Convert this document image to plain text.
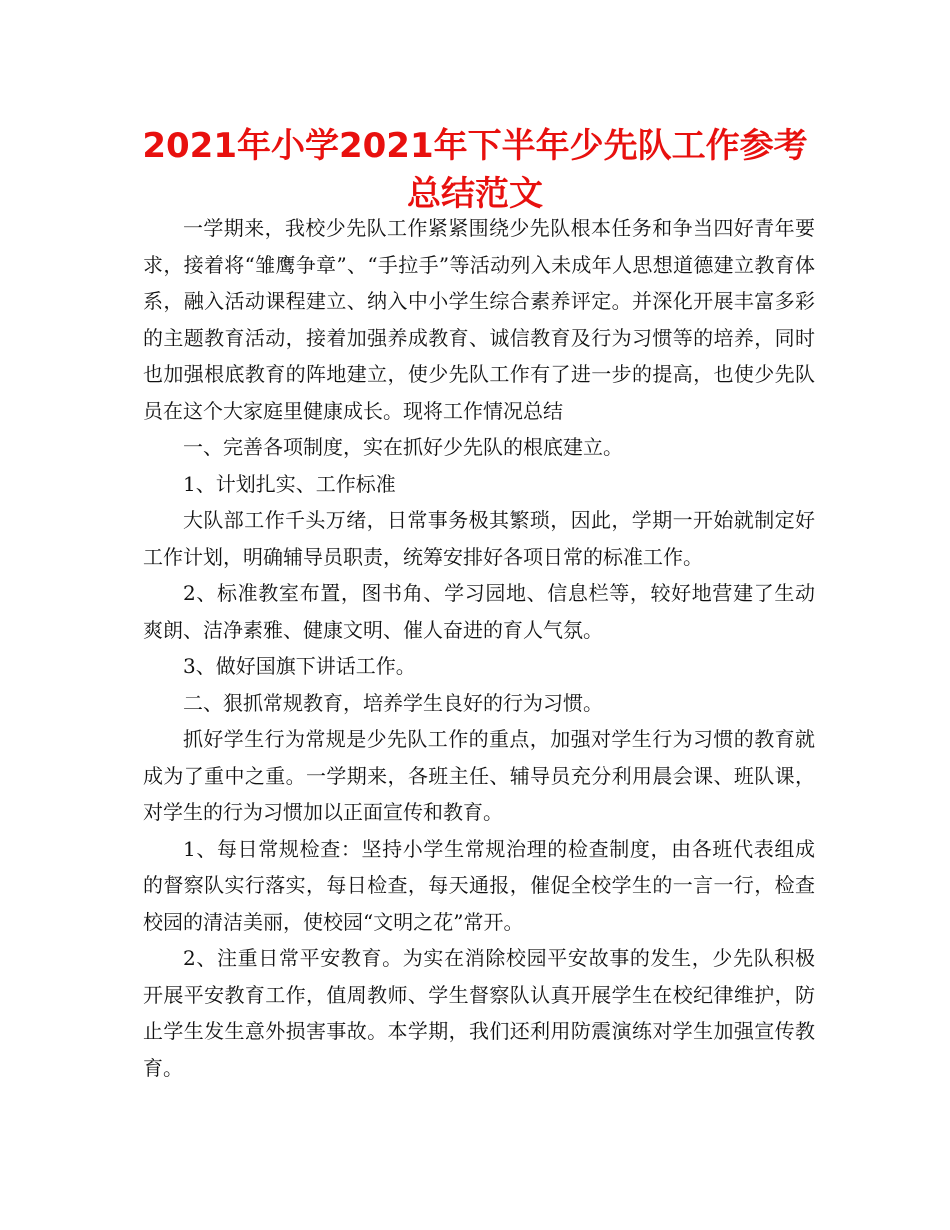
2021年小学2021年下半年少先队工作参考总结范文

一学期来，我校少先队工作紧紧围绕少先队根本任务和争当四好青年要求，接着将“雏鹰争章”、“手拉手”等活动列入未成年人思想道德建立教育体系，融入活动课程建立、纳入中小学生综合素养评定。并深化开展丰富多彩的主题教育活动，接着加强养成教育、诚信教育及行为习惯等的培养，同时也加强根底教育的阵地建立，使少先队工作有了进一步的提高，也使少先队员在这个大家庭里健康成长。现将工作情况总结

一、完善各项制度，实在抓好少先队的根底建立。

1、计划扎实、工作标准

大队部工作千头万绪，日常事务极其繁琐，因此，学期一开始就制定好工作计划，明确辅导员职责，统筹安排好各项日常的标准工作。

2、标准教室布置，图书角、学习园地、信息栏等，较好地营建了生动爽朗、洁净素雅、健康文明、催人奋进的育人气氛。

3、做好国旗下讲话工作。

二、狠抓常规教育，培养学生良好的行为习惯。

抓好学生行为常规是少先队工作的重点，加强对学生行为习惯的教育就成为了重中之重。一学期来，各班主任、辅导员充分利用晨会课、班队课，对学生的行为习惯加以正面宣传和教育。

1、每日常规检查：坚持小学生常规治理的检查制度，由各班代表组成的督察队实行落实，每日检查，每天通报，催促全校学生的一言一行，检查校园的清洁美丽，使校园“文明之花”常开。

2、注重日常平安教育。为实在消除校园平安故事的发生，少先队积极开展平安教育工作，值周教师、学生督察队认真开展学生在校纪律维护，防止学生发生意外损害事故。本学期，我们还利用防震演练对学生加强宣传教育。
